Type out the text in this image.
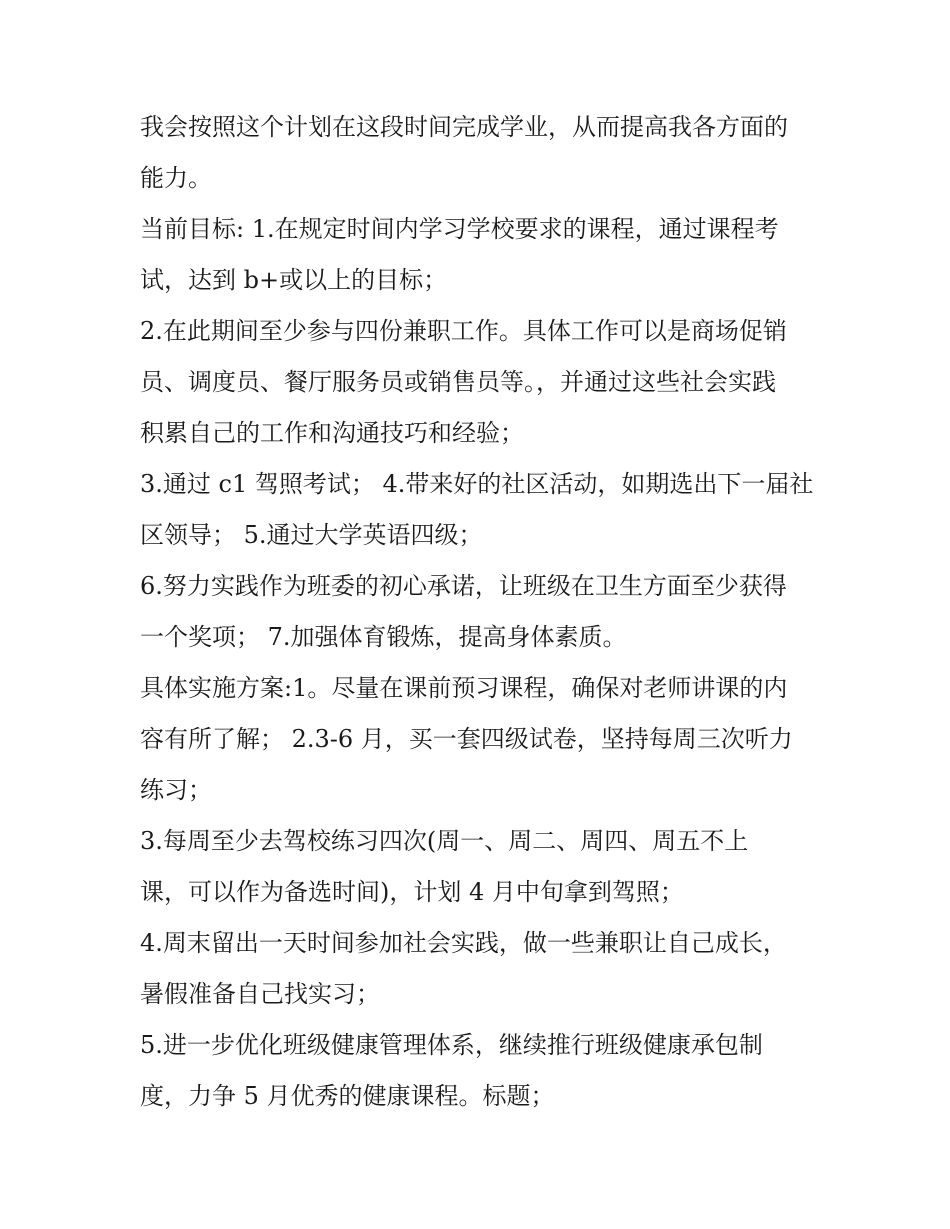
我会按照这个计划在这段时间完成学业，从而提高我各方面的
能力。
当前目标: 1.在规定时间内学习学校要求的课程，通过课程考
试，达到 b+或以上的目标；
2.在此期间至少参与四份兼职工作。具体工作可以是商场促销
员、调度员、餐厅服务员或销售员等。，并通过这些社会实践
积累自己的工作和沟通技巧和经验；
3.通过 c1 驾照考试； 4.带来好的社区活动，如期选出下一届社
区领导； 5.通过大学英语四级；
6.努力实践作为班委的初心承诺，让班级在卫生方面至少获得
一个奖项； 7.加强体育锻炼，提高身体素质。
具体实施方案:1。尽量在课前预习课程，确保对老师讲课的内
容有所了解； 2.3-6 月，买一套四级试卷，坚持每周三次听力
练习；
3.每周至少去驾校练习四次(周一、周二、周四、周五不上
课，可以作为备选时间)，计划 4 月中旬拿到驾照；
4.周末留出一天时间参加社会实践，做一些兼职让自己成长，
暑假准备自己找实习；
5.进一步优化班级健康管理体系，继续推行班级健康承包制
度，力争 5 月优秀的健康课程。标题；
